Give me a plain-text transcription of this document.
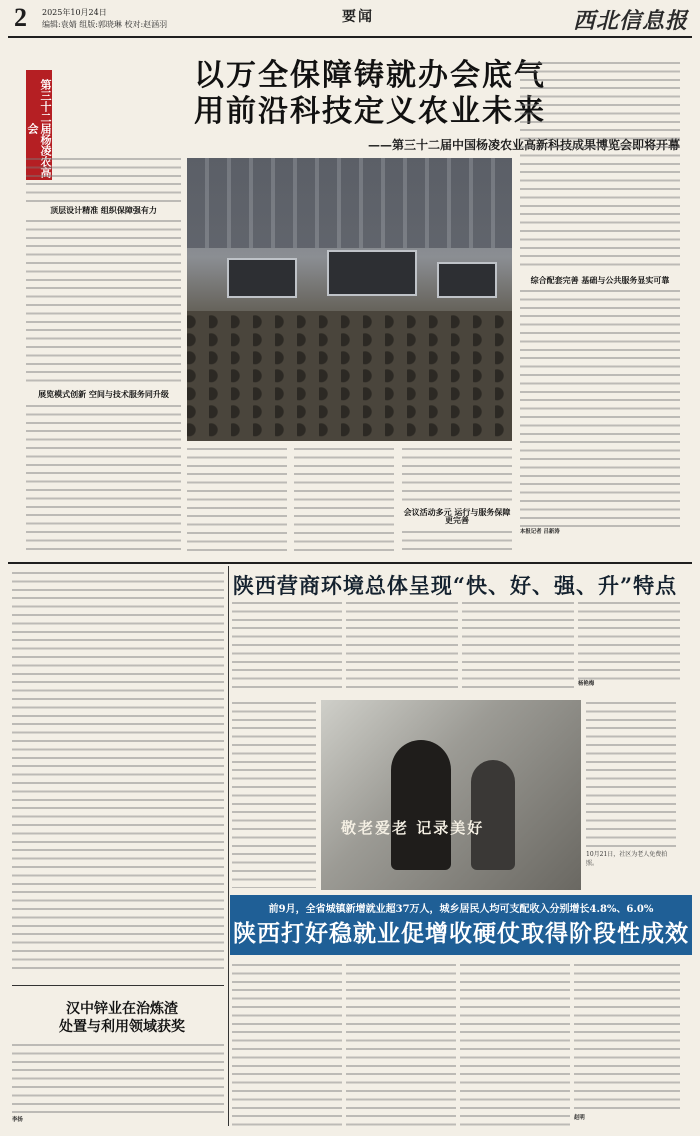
2 2025年10月24日
编辑:袁婧 组版:郭晓琳 校对:赵涵羽	要闻	西北信息报
第三十二届杨凌农高会
以万全保障铸就办会底气
用前沿科技定义农业未来
——第三十二届中国杨凌农业高新科技成果博览会即将开幕
顶层设计精准 组织保障强有力
展览模式创新 空间与技术服务同升级
会议活动多元 运行与服务保障更完善
综合配套完善 基础与公共服务显实可靠
本报记者 吕新涛
陕西营商环境总体呈现“快、好、强、升”特点
杨艳梅
敬老爱老 记录美好
10月21日，社区为老人免费拍照。
前9月，全省城镇新增就业超37万人，城乡居民人均可支配收入分别增长4.8%、6.0%
陕西打好稳就业促增收硬仗取得阶段性成效
赵明
汉中锌业在治炼渣
处置与利用领域获奖
李扬
